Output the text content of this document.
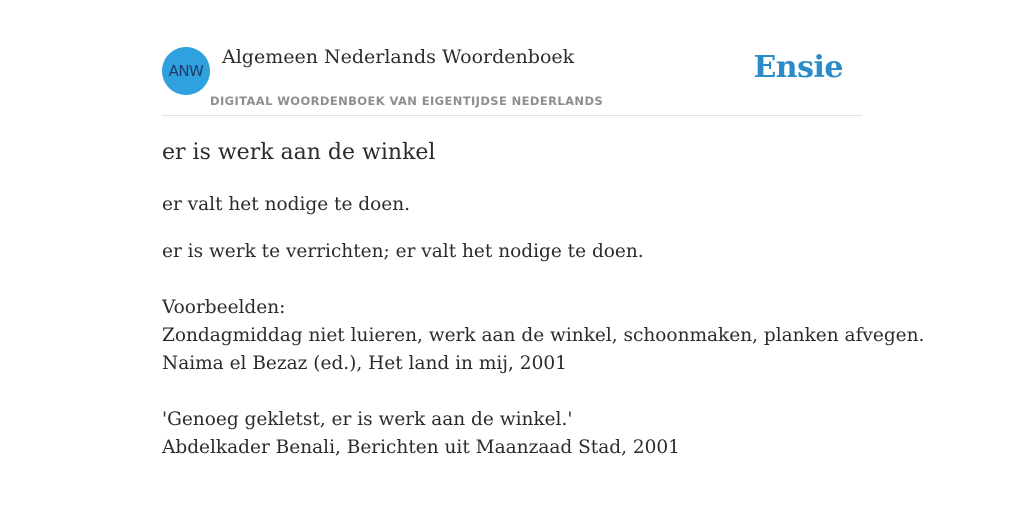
ANW
Algemeen Nederlands Woordenboek
DIGITAAL WOORDENBOEK VAN EIGENTIJDSE NEDERLANDS
Ensie
er is werk aan de winkel
er valt het nodige te doen.
er is werk te verrichten; er valt het nodige te doen.
Voorbeelden:
Zondagmiddag niet luieren, werk aan de winkel, schoonmaken, planken afvegen.
Naima el Bezaz (ed.), Het land in mij, 2001
'Genoeg gekletst, er is werk aan de winkel.'
Abdelkader Benali, Berichten uit Maanzaad Stad, 2001
